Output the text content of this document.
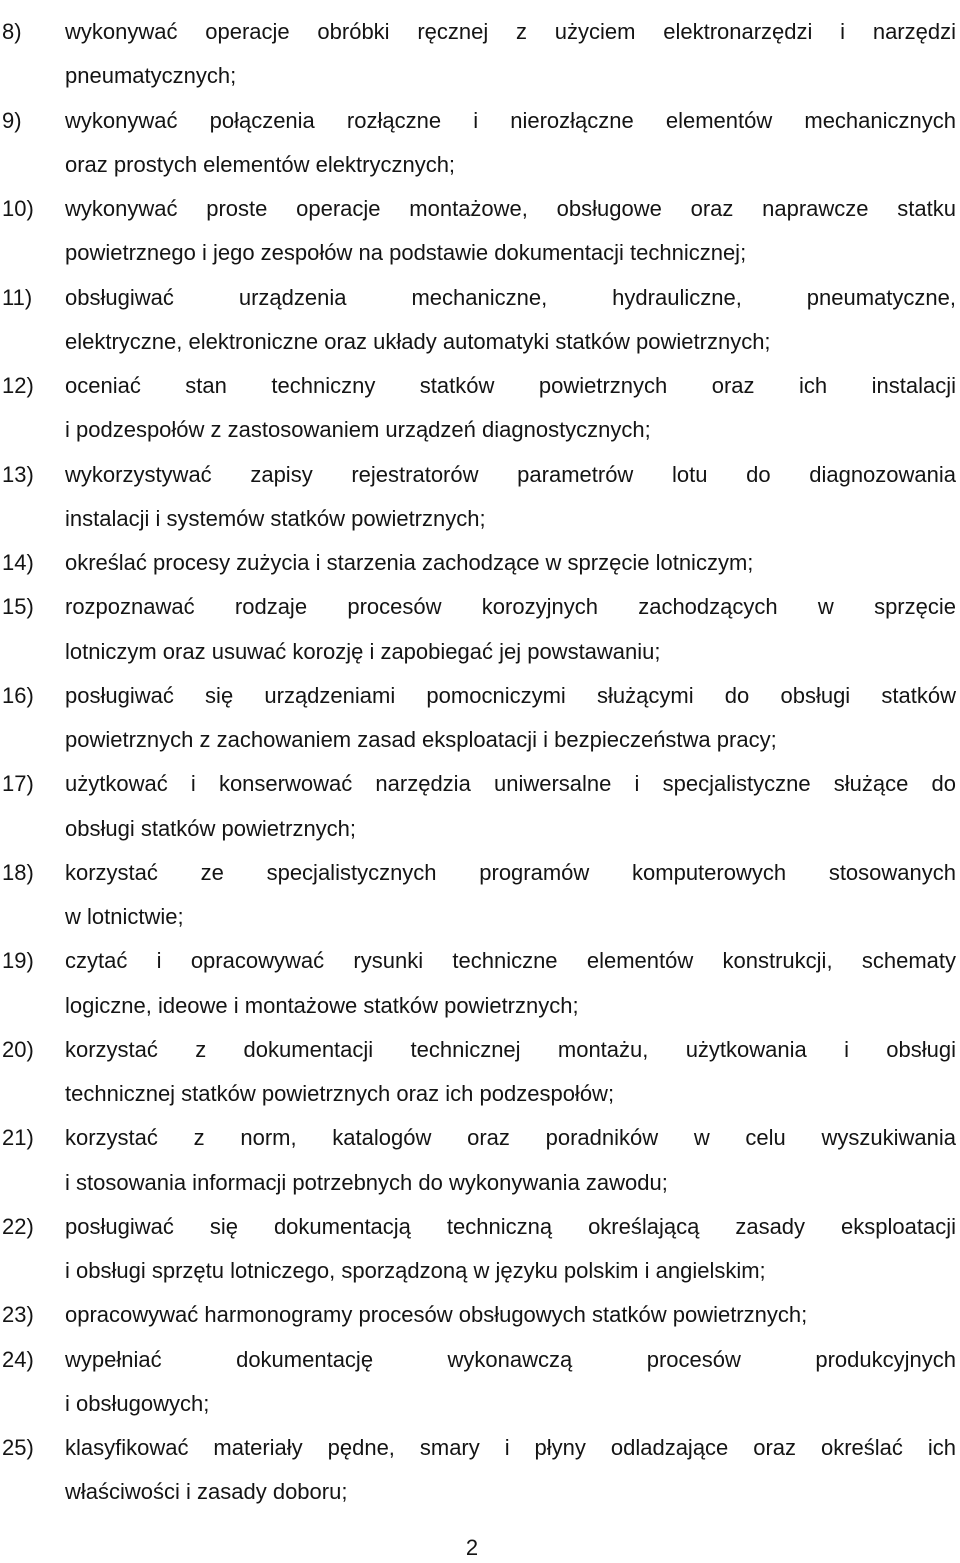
8)	wykonywać operacje obróbki ręcznej z użyciem elektronarzędzi i narzędzi
pneumatycznych;
9)	wykonywać połączenia rozłączne i nierozłączne elementów mechanicznych
oraz prostych elementów elektrycznych;
10)	wykonywać proste operacje montażowe, obsługowe oraz naprawcze statku
powietrznego i jego zespołów na podstawie dokumentacji technicznej;
11)	obsługiwać urządzenia mechaniczne, hydrauliczne, pneumatyczne,
elektryczne, elektroniczne oraz układy automatyki statków powietrznych;
12)	oceniać stan techniczny statków powietrznych oraz ich instalacji
i podzespołów z zastosowaniem urządzeń diagnostycznych;
13)	wykorzystywać zapisy rejestratorów parametrów lotu do diagnozowania
instalacji i systemów statków powietrznych;
14)	określać procesy zużycia i starzenia zachodzące w sprzęcie lotniczym;
15)	rozpoznawać rodzaje procesów korozyjnych zachodzących w sprzęcie
lotniczym oraz usuwać korozję i zapobiegać jej powstawaniu;
16)	posługiwać się urządzeniami pomocniczymi służącymi do obsługi statków
powietrznych z zachowaniem zasad eksploatacji i bezpieczeństwa pracy;
17)	użytkować i konserwować narzędzia uniwersalne i specjalistyczne służące do
obsługi statków powietrznych;
18)	korzystać ze specjalistycznych programów komputerowych stosowanych
w lotnictwie;
19)	czytać i opracowywać rysunki techniczne elementów konstrukcji, schematy
logiczne, ideowe i montażowe statków powietrznych;
20)	korzystać z dokumentacji technicznej montażu, użytkowania i obsługi
technicznej statków powietrznych oraz ich podzespołów;
21)	korzystać z norm, katalogów oraz poradników w celu wyszukiwania
i stosowania informacji potrzebnych do wykonywania zawodu;
22)	posługiwać się dokumentacją techniczną określającą zasady eksploatacji
i obsługi sprzętu lotniczego, sporządzoną w języku polskim i angielskim;
23)	opracowywać harmonogramy procesów obsługowych statków powietrznych;
24)	wypełniać dokumentację wykonawczą procesów produkcyjnych
i obsługowych;
25)	klasyfikować materiały pędne, smary i płyny odladzające oraz określać ich
właściwości i zasady doboru;
2
